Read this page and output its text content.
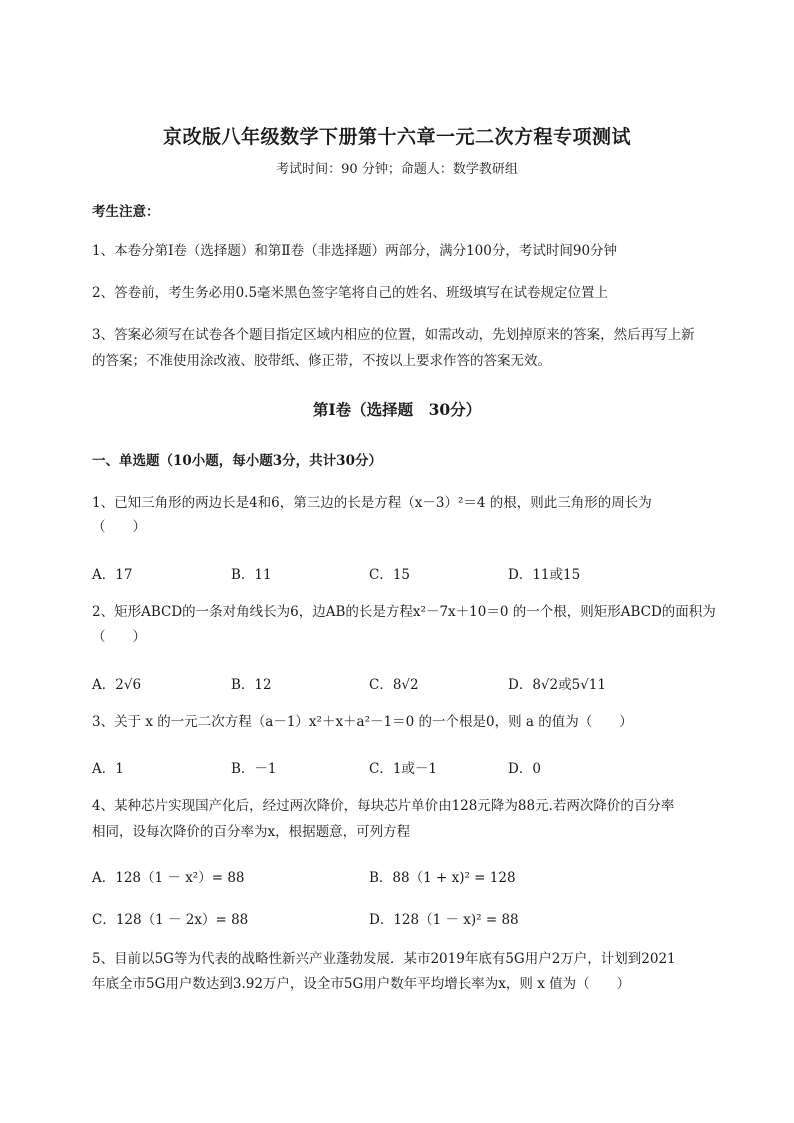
京改版八年级数学下册第十六章一元二次方程专项测试
考试时间：90 分钟；命题人：数学教研组
考生注意：
1、本卷分第Ⅰ卷（选择题）和第Ⅱ卷（非选择题）两部分，满分100分，考试时间90分钟
2、答卷前，考生务必用0.5毫米黑色签字笔将自己的姓名、班级填写在试卷规定位置上
3、答案必须写在试卷各个题目指定区域内相应的位置，如需改动，先划掉原来的答案，然后再写上新
的答案；不准使用涂改液、胶带纸、修正带，不按以上要求作答的答案无效。
第Ⅰ卷（选择题　30分）
一、单选题（10小题，每小题3分，共计30分）
1、已知三角形的两边长是4和6，第三边的长是方程（x－3）²＝4 的根，则此三角形的周长为
（　　）
A．17	B．11	C．15	D．11或15
2、矩形ABCD的一条对角线长为6，边AB的长是方程x²－7x＋10＝0 的一个根，则矩形ABCD的面积为
（　　）
A．2√6	B．12	C．8√2	D．8√2或5√11
3、关于 x 的一元二次方程（a－1）x²＋x＋a²－1＝0 的一个根是0，则 a 的值为（　　）
A．1	B．－1	C．1或－1	D．0
4、某种芯片实现国产化后，经过两次降价，每块芯片单价由128元降为88元.若两次降价的百分率
相同，设每次降价的百分率为x，根据题意，可列方程
A．128（1 － x²）= 88	B．88（1 + x)² = 128
C．128（1 － 2x）= 88	D．128（1 － x)² = 88
5、目前以5G等为代表的战略性新兴产业蓬勃发展．某市2019年底有5G用户2万户，计划到2021
年底全市5G用户数达到3.92万户，设全市5G用户数年平均增长率为x，则 x 值为（　　）
